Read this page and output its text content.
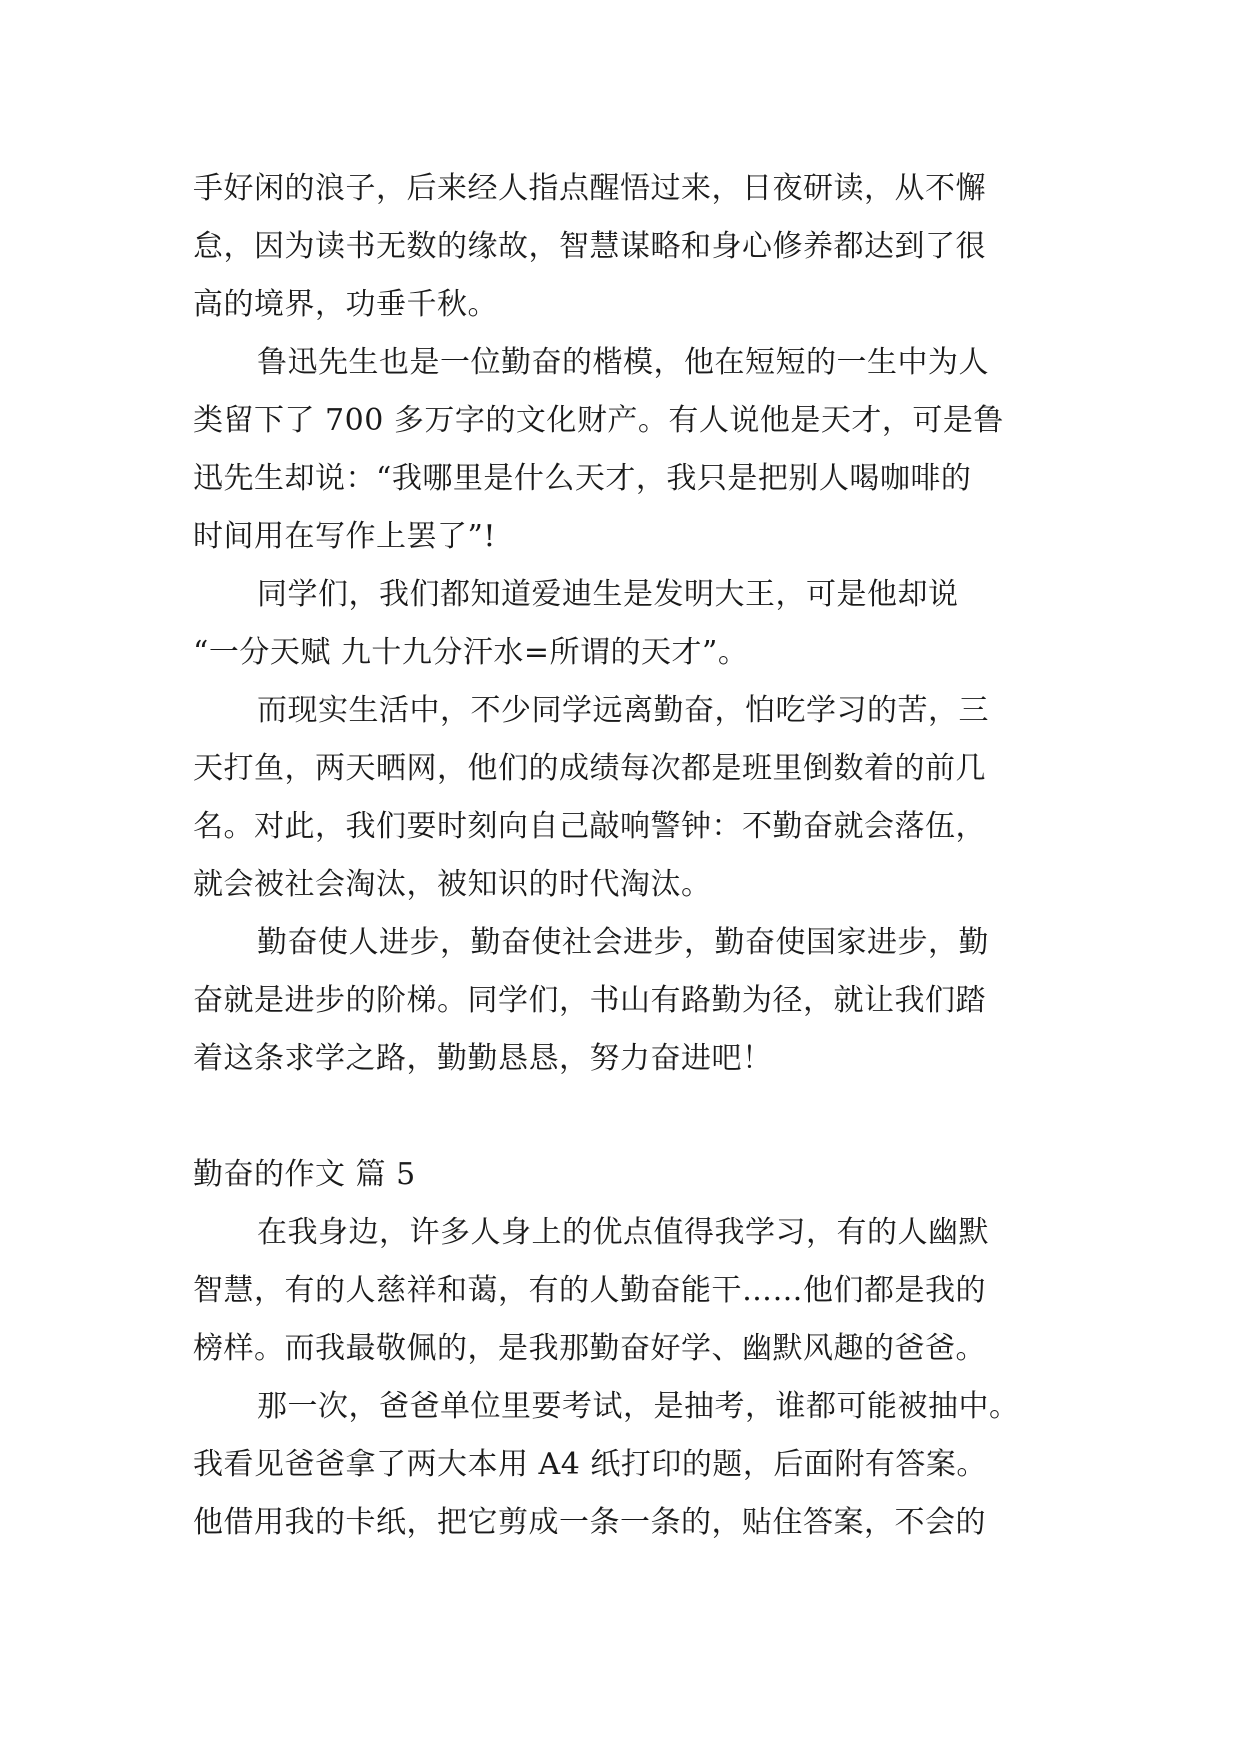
手好闲的浪子，后来经人指点醒悟过来，日夜研读，从不懈
怠，因为读书无数的缘故，智慧谋略和身心修养都达到了很
高的境界，功垂千秋。
鲁迅先生也是一位勤奋的楷模，他在短短的一生中为人
类留下了 700 多万字的文化财产。有人说他是天才，可是鲁
迅先生却说：“我哪里是什么天才，我只是把别人喝咖啡的
时间用在写作上罢了”!
同学们，我们都知道爱迪生是发明大王，可是他却说
“一分天赋 九十九分汗水=所谓的天才”。
而现实生活中，不少同学远离勤奋，怕吃学习的苦，三
天打鱼，两天晒网，他们的成绩每次都是班里倒数着的前几
名。对此，我们要时刻向自己敲响警钟：不勤奋就会落伍，
就会被社会淘汰，被知识的时代淘汰。
勤奋使人进步，勤奋使社会进步，勤奋使国家进步，勤
奋就是进步的阶梯。同学们，书山有路勤为径，就让我们踏
着这条求学之路，勤勤恳恳，努力奋进吧！
勤奋的作文 篇 5
在我身边，许多人身上的优点值得我学习，有的人幽默
智慧，有的人慈祥和蔼，有的人勤奋能干……他们都是我的
榜样。而我最敬佩的，是我那勤奋好学、幽默风趣的爸爸。
那一次，爸爸单位里要考试，是抽考，谁都可能被抽中。
我看见爸爸拿了两大本用 A4 纸打印的题，后面附有答案。
他借用我的卡纸，把它剪成一条一条的，贴住答案，不会的
